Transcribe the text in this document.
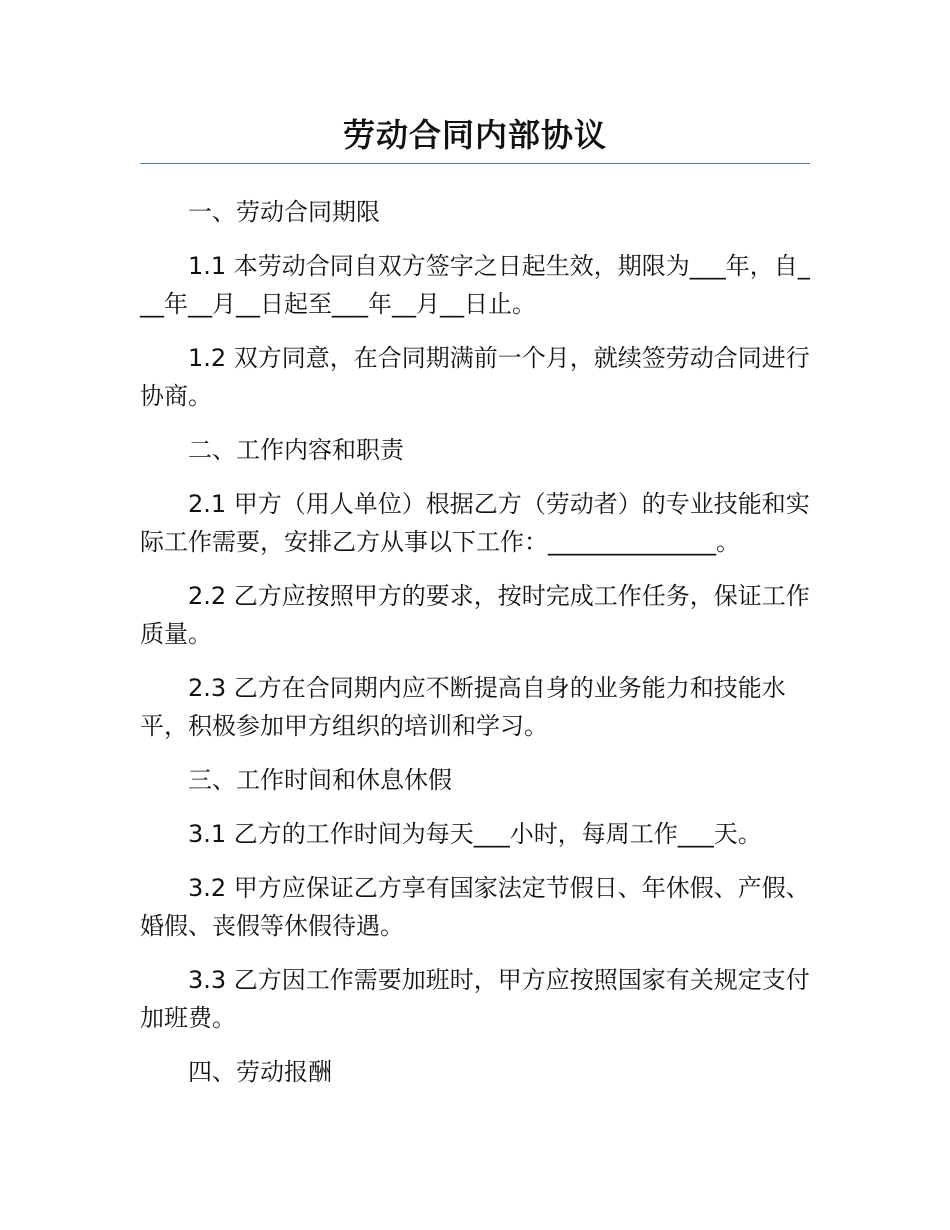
劳动合同内部协议

一、劳动合同期限

1.1 本劳动合同自双方签字之日起生效，期限为___年，自___年__月__日起至___年__月__日止。

1.2 双方同意，在合同期满前一个月，就续签劳动合同进行协商。

二、工作内容和职责

2.1 甲方（用人单位）根据乙方（劳动者）的专业技能和实际工作需要，安排乙方从事以下工作：______________。

2.2 乙方应按照甲方的要求，按时完成工作任务，保证工作质量。

2.3 乙方在合同期内应不断提高自身的业务能力和技能水平，积极参加甲方组织的培训和学习。

三、工作时间和休息休假

3.1 乙方的工作时间为每天___小时，每周工作___天。

3.2 甲方应保证乙方享有国家法定节假日、年休假、产假、婚假、丧假等休假待遇。

3.3 乙方因工作需要加班时，甲方应按照国家有关规定支付加班费。

四、劳动报酬
